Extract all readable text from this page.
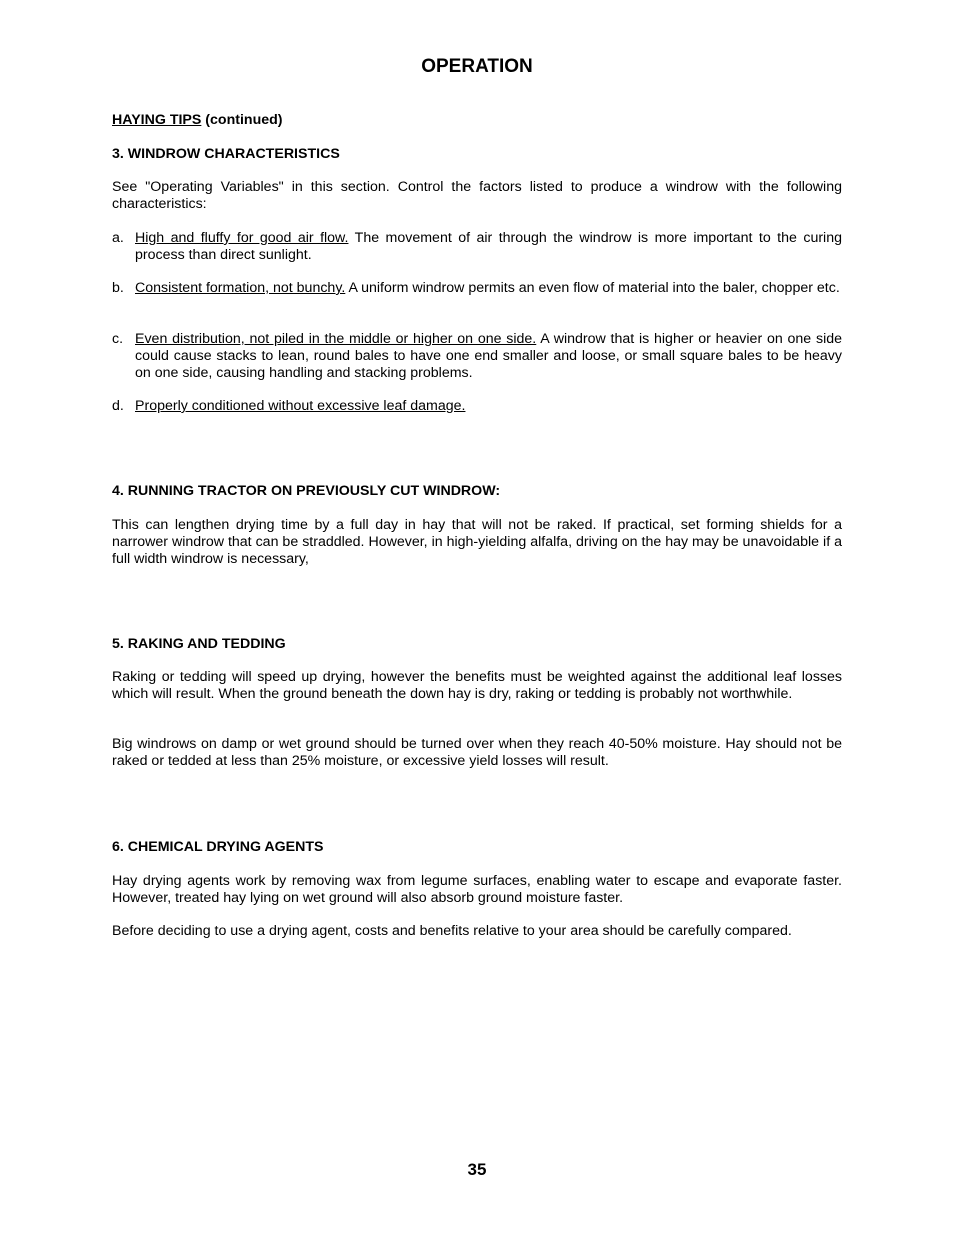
OPERATION
HAYING TIPS (continued)
3. WINDROW CHARACTERISTICS
See "Operating Variables" in this section. Control the factors listed to produce a windrow with the following characteristics:
a. High and fluffy for good air flow. The movement of air through the windrow is more important to the curing process than direct sunlight.
b. Consistent formation, not bunchy. A uniform windrow permits an even flow of material into the baler, chopper etc.
c. Even distribution, not piled in the middle or higher on one side. A windrow that is higher or heavier on one side could cause stacks to lean, round bales to have one end smaller and loose, or small square bales to be heavy on one side, causing handling and stacking problems.
d. Properly conditioned without excessive leaf damage.
4. RUNNING TRACTOR ON PREVIOUSLY CUT WINDROW:
This can lengthen drying time by a full day in hay that will not be raked. If practical, set forming shields for a narrower windrow that can be straddled. However, in high-yielding alfalfa, driving on the hay may be unavoidable if a full width windrow is necessary,
5. RAKING AND TEDDING
Raking or tedding will speed up drying, however the benefits must be weighted against the additional leaf losses which will result. When the ground beneath the down hay is dry, raking or tedding is probably not worthwhile.
Big windrows on damp or wet ground should be turned over when they reach 40-50% moisture. Hay should not be raked or tedded at less than 25% moisture, or excessive yield losses will result.
6. CHEMICAL DRYING AGENTS
Hay drying agents work by removing wax from legume surfaces, enabling water to escape and evaporate faster. However, treated hay lying on wet ground will also absorb ground moisture faster.
Before deciding to use a drying agent, costs and benefits relative to your area should be carefully compared.
35
